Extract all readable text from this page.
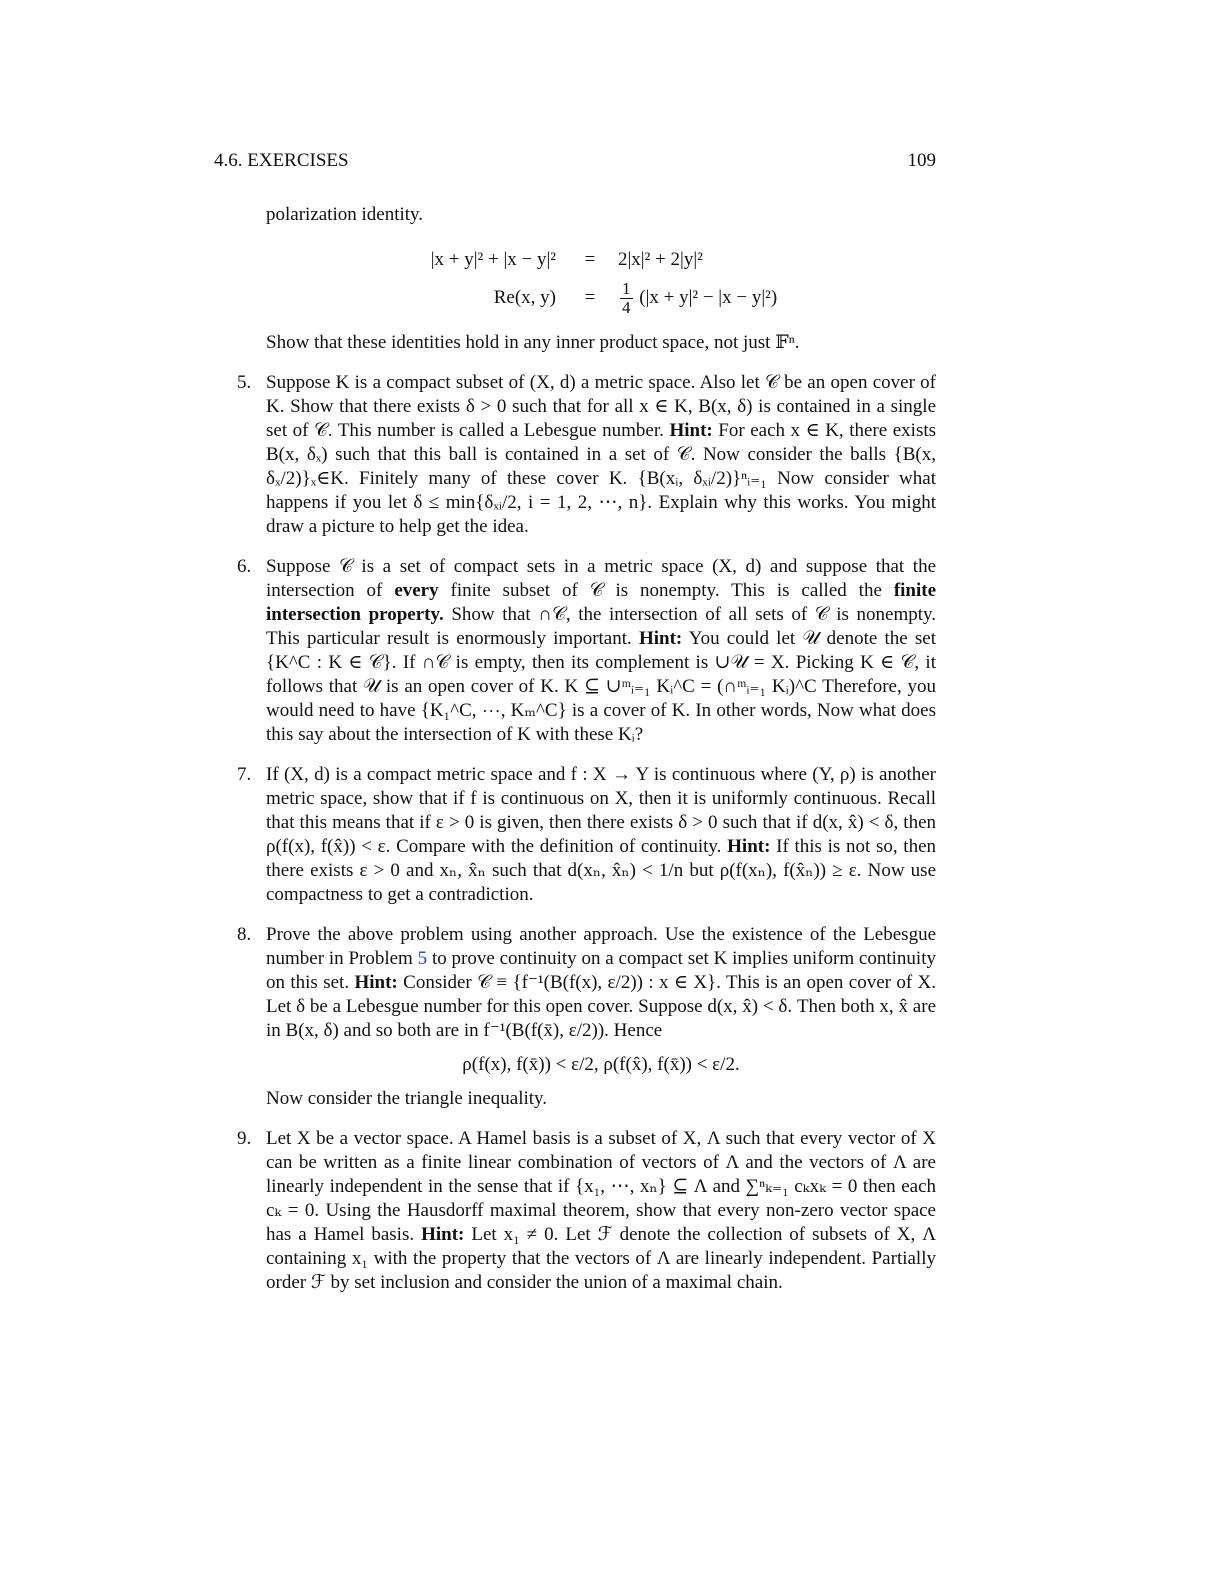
4.6. EXERCISES	109

polarization identity.

|x + y|² + |x − y|²	=	2|x|² + 2|y|²
Re(x, y)	= $\frac{1}{4} (|x + y|^2 - |x - y|^2)$

Show that these identities hold in any inner product space, not just 𝔽ⁿ.

5. Suppose K is a compact subset of (X, d) a metric space. Also let 𝒞 be an open cover of K. Show that there exists δ > 0 such that for all x ∈ K, B(x, δ) is contained in a single set of 𝒞. This number is called a Lebesgue number. Hint: For each x ∈ K, there exists B(x, δₓ) such that this ball is contained in a set of 𝒞. Now consider the balls {B(x, δₓ/2)}ₓ∈K. Finitely many of these cover K. {B(xᵢ, δₓᵢ/2)}ⁿᵢ₌₁ Now consider what happens if you let δ ≤ min{δₓᵢ/2, i = 1, 2, ⋯, n}. Explain why this works. You might draw a picture to help get the idea.
6. Suppose 𝒞 is a set of compact sets in a metric space (X, d) and suppose that the intersection of every finite subset of 𝒞 is nonempty. This is called the finite intersection property. Show that ∩𝒞, the intersection of all sets of 𝒞 is nonempty. This particular result is enormously important. Hint: You could let 𝒰 denote the set {K^C : K ∈ 𝒞}. If ∩𝒞 is empty, then its complement is ∪𝒰 = X. Picking K ∈ 𝒞, it follows that 𝒰 is an open cover of K. K ⊆ ∪ᵐᵢ₌₁ Kᵢ^C = (∩ᵐᵢ₌₁ Kᵢ)^C Therefore, you would need to have {K₁^C, ⋯, Kₘ^C} is a cover of K. In other words, Now what does this say about the intersection of K with these Kᵢ?
7. If (X, d) is a compact metric space and f : X → Y is continuous where (Y, ρ) is another metric space, show that if f is continuous on X, then it is uniformly continuous. Recall that this means that if ε > 0 is given, then there exists δ > 0 such that if d(x, x̂) < δ, then ρ(f(x), f(x̂)) < ε. Compare with the definition of continuity. Hint: If this is not so, then there exists ε > 0 and xₙ, x̂ₙ such that d(xₙ, x̂ₙ) < 1/n but ρ(f(xₙ), f(x̂ₙ)) ≥ ε. Now use compactness to get a contradiction.
8. Prove the above problem using another approach. Use the existence of the Lebesgue number in Problem 5 to prove continuity on a compact set K implies uniform continuity on this set. Hint: Consider 𝒞 ≡ {f⁻¹(B(f(x), ε/2)) : x ∈ X}. This is an open cover of X. Let δ be a Lebesgue number for this open cover. Suppose d(x, x̂) < δ. Then both x, x̂ are in B(x, δ) and so both are in f⁻¹(B(f(x̄), ε/2)). Hence
ρ(f(x), f(x̄)) < ε/2, ρ(f(x̂), f(x̄)) < ε/2.
Now consider the triangle inequality.
9. Let X be a vector space. A Hamel basis is a subset of X, Λ such that every vector of X can be written as a finite linear combination of vectors of Λ and the vectors of Λ are linearly independent in the sense that if {x₁, ⋯, xₙ} ⊆ Λ and ∑ⁿₖ₌₁ cₖxₖ = 0 then each cₖ = 0. Using the Hausdorff maximal theorem, show that every non-zero vector space has a Hamel basis. Hint: Let x₁ ≠ 0. Let ℱ denote the collection of subsets of X, Λ containing x₁ with the property that the vectors of Λ are linearly independent. Partially order ℱ by set inclusion and consider the union of a maximal chain.
